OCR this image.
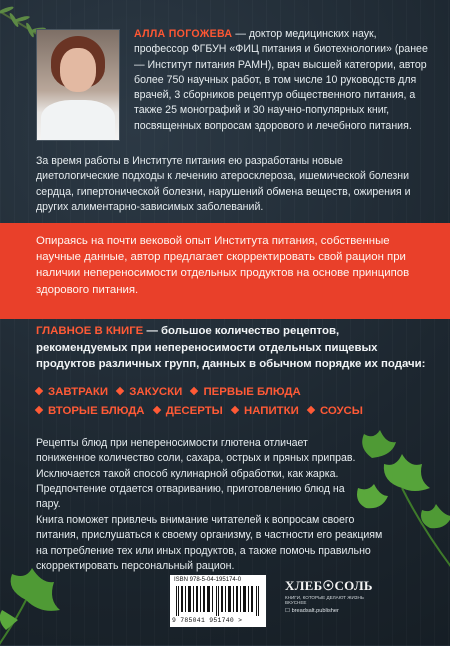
АЛЛА ПОГОЖЕВА — доктор медицинских наук, профессор ФГБУН «ФИЦ питания и биотехнологии» (ранее — Институт питания РАМН), врач высшей категории, автор более 750 научных работ, в том числе 10 руководств для врачей, 3 сборников рецептур общественного питания, а также 25 монографий и 30 научно-популярных книг, посвященных вопросам здорового и лечебного питания.
За время работы в Институте питания ею разработаны новые диетологические подходы к лечению атеросклероза, ишемической болезни сердца, гипертонической болезни, нарушений обмена веществ, ожирения и других алиментарно-зависимых заболеваний.
Опираясь на почти вековой опыт Института питания, собственные научные данные, автор предлагает скорректировать свой рацион при наличии непереносимости отдельных продуктов на основе принципов здорового питания.
ГЛАВНОЕ В КНИГЕ — большое количество рецептов, рекомендуемых при непереносимости отдельных пищевых продуктов различных групп, данных в обычном порядке их подачи:
ЗАВТРАКИ ЗАКУСКИ ПЕРВЫЕ БЛЮДА
ВТОРЫЕ БЛЮДА ДЕСЕРТЫ НАПИТКИ СОУСЫ
Рецепты блюд при непереносимости глютена отличает пониженное количество соли, сахара, острых и пряных приправ. Исключается такой способ кулинарной обработки, как жарка. Предпочтение отдается отвариванию, приготовлению блюд на пару.
Книга поможет привлечь внимание читателей к вопросам своего питания, прислушаться к своему организму, в частности его реакциям на потребление тех или иных продуктов, а также помочь правильно скорректировать персональный рацион.
ISBN 978-5-04-195174-0
9 785041 951740 >
ХЛЕБ☉СОЛЬ
КНИГИ, КОТОРЫЕ ДЕЛАЮТ ЖИЗНЬ ВКУСНЕЕ
☐ breadsalt.publisher
